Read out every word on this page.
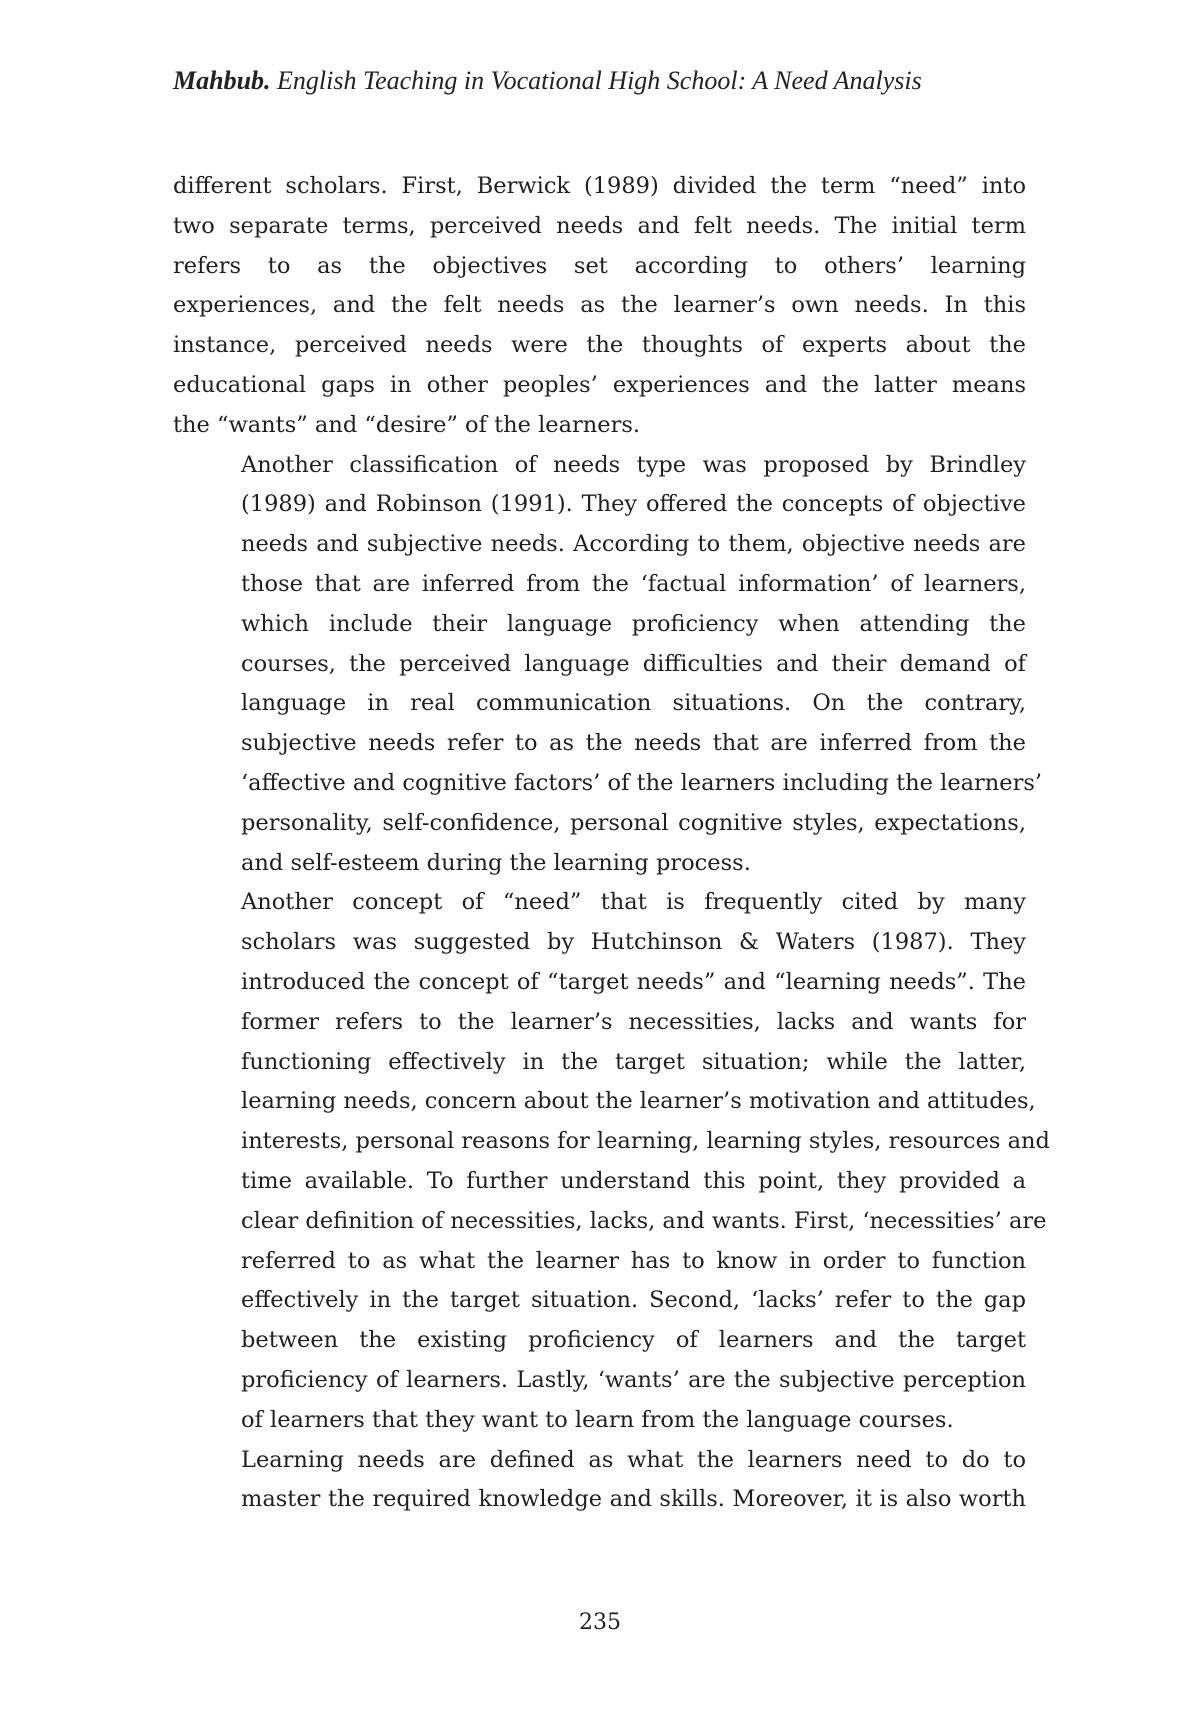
Mahbub. English Teaching in Vocational High School: A Need Analysis

different scholars. First, Berwick (1989) divided the term “need” into
two separate terms, perceived needs and felt needs. The initial term
refers to as the objectives set according to others’ learning
experiences, and the felt needs as the learner’s own needs. In this
instance, perceived needs were the thoughts of experts about the
educational gaps in other peoples’ experiences and the latter means
the “wants” and “desire” of the learners.

Another classification of needs type was proposed by Brindley
(1989) and Robinson (1991). They offered the concepts of objective
needs and subjective needs. According to them, objective needs are
those that are inferred from the ‘factual information’ of learners,
which include their language proficiency when attending the
courses, the perceived language difficulties and their demand of
language in real communication situations. On the contrary,
subjective needs refer to as the needs that are inferred from the
‘affective and cognitive factors’ of the learners including the learners’
personality, self-confidence, personal cognitive styles, expectations,
and self-esteem during the learning process.

Another concept of “need” that is frequently cited by many
scholars was suggested by Hutchinson & Waters (1987). They
introduced the concept of “target needs” and “learning needs”. The
former refers to the learner’s necessities, lacks and wants for
functioning effectively in the target situation; while the latter,
learning needs, concern about the learner’s motivation and attitudes,
interests, personal reasons for learning, learning styles, resources and
time available. To further understand this point, they provided a
clear definition of necessities, lacks, and wants. First, ‘necessities’ are
referred to as what the learner has to know in order to function
effectively in the target situation. Second, ‘lacks’ refer to the gap
between the existing proficiency of learners and the target
proficiency of learners. Lastly, ‘wants’ are the subjective perception
of learners that they want to learn from the language courses.

Learning needs are defined as what the learners need to do to
master the required knowledge and skills. Moreover, it is also worth

235
